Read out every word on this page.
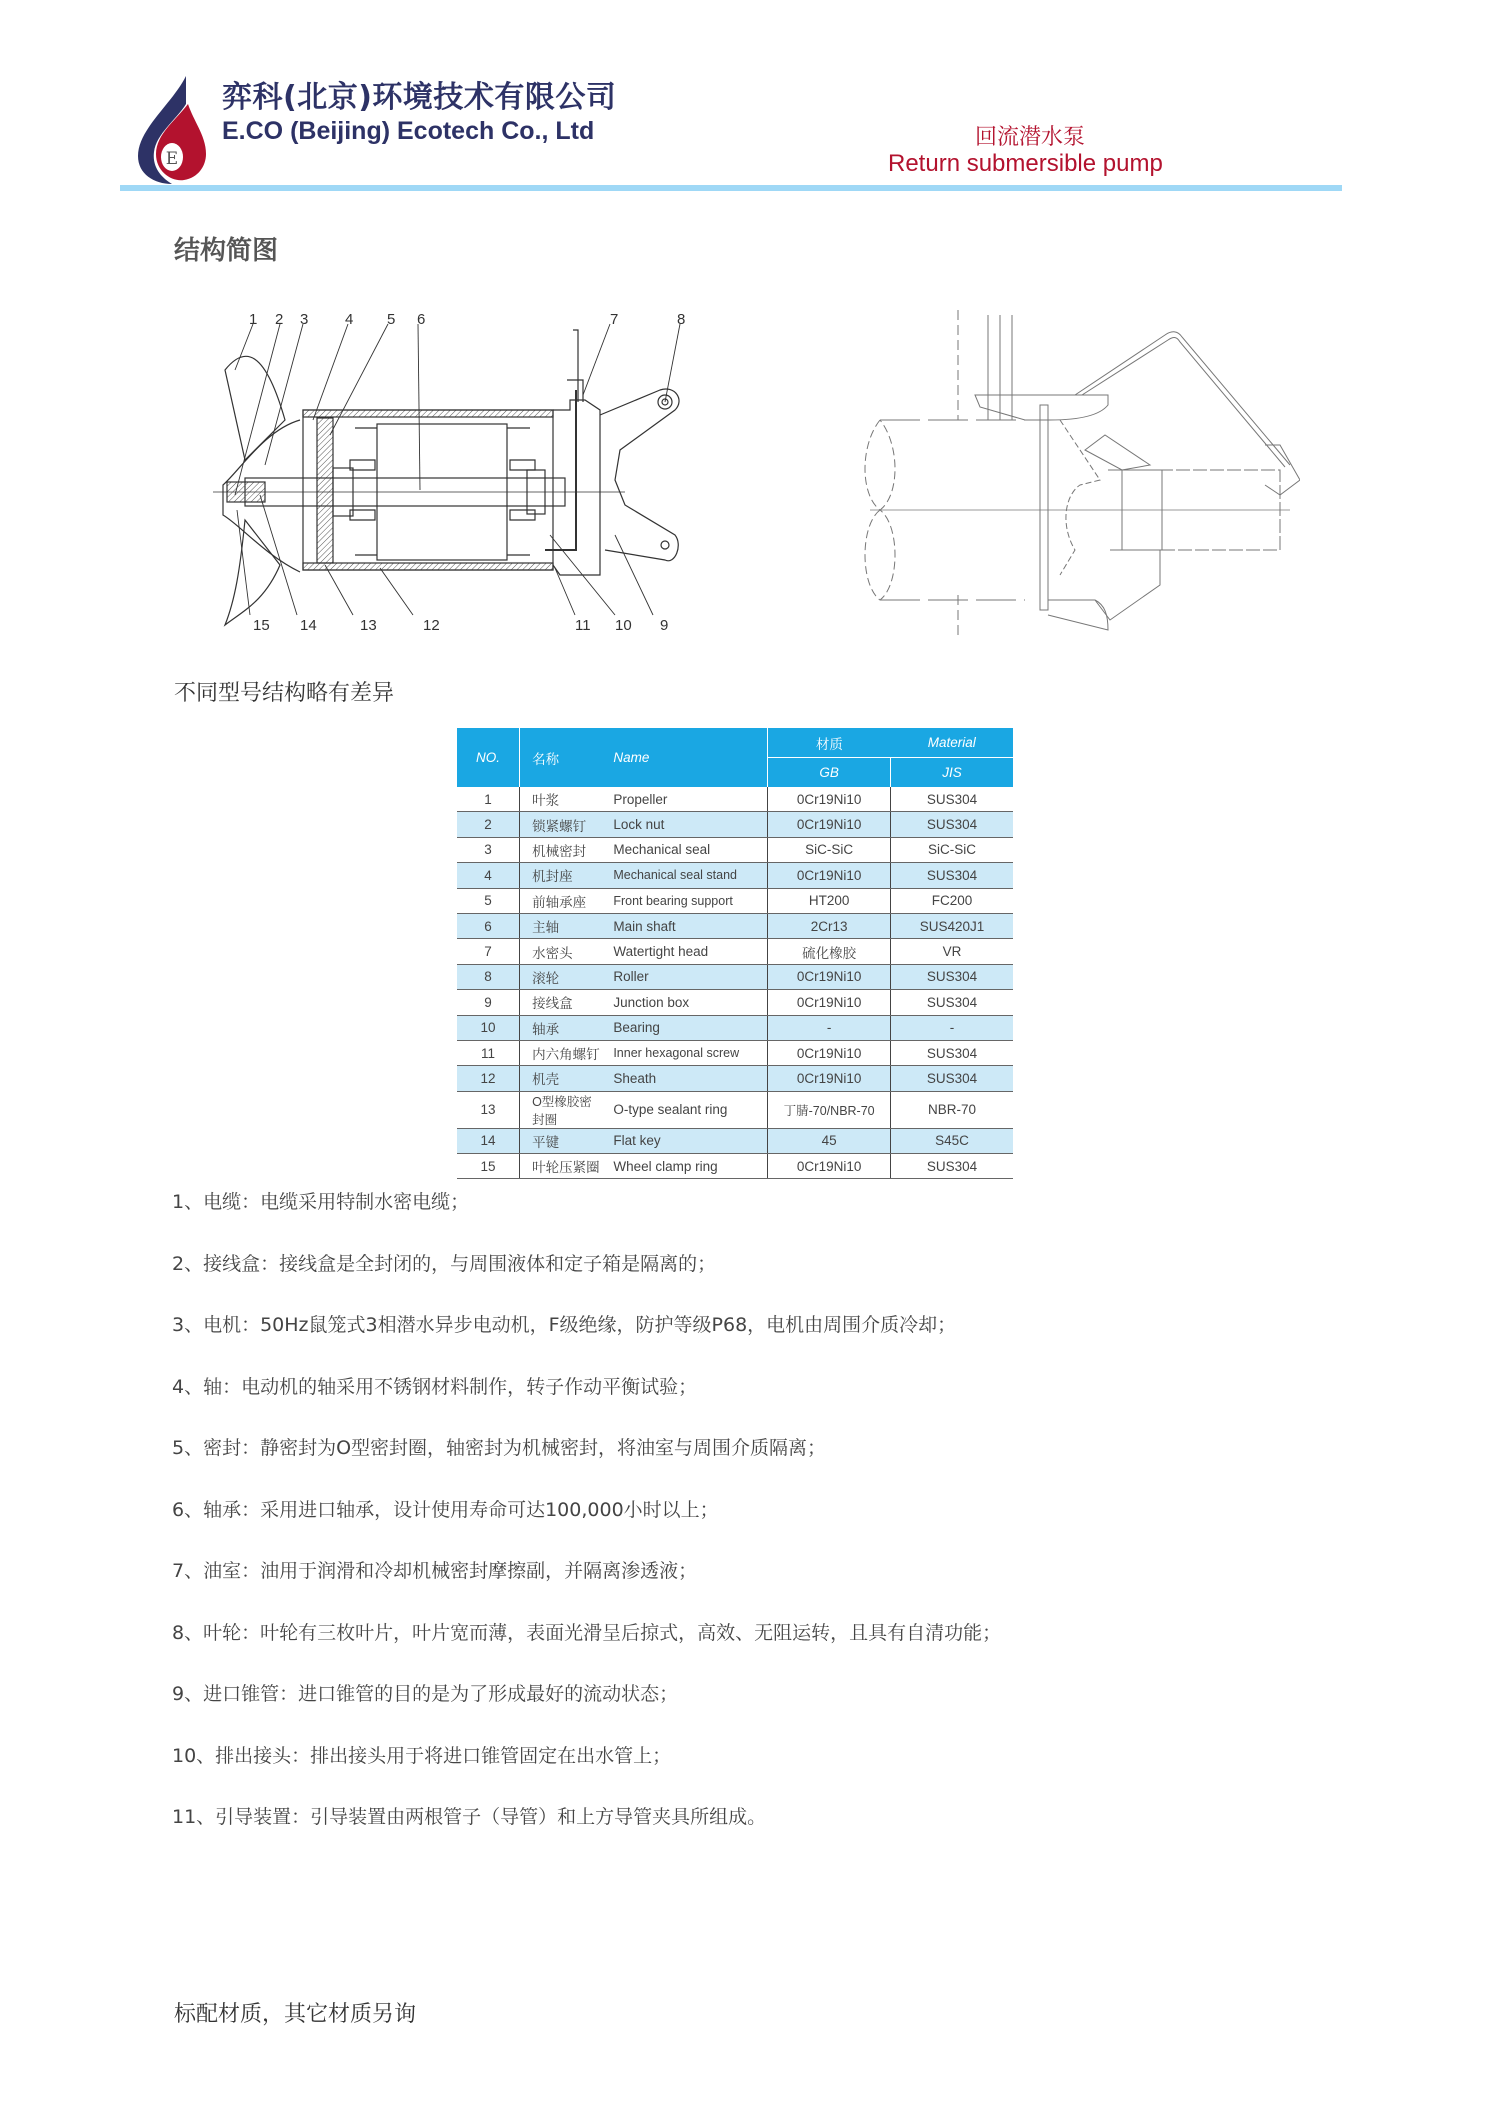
E
弈科(北京)环境技术有限公司
E.CO (Beijing) Ecotech Co., Ltd	回流潜水泵
Return submersible pump
结构简图
1 2 3 4 5 6	7	8
15 14	13	12	11 10 9
不同型号结构略有差异
NO.	名称	Name	材质	Material
			GB	JIS
1	叶浆	Propeller	0Cr19Ni10	SUS304
2	锁紧螺钉	Lock nut	0Cr19Ni10	SUS304
3	机械密封	Mechanical seal	SiC-SiC	SiC-SiC
4	机封座	Mechanical seal stand	0Cr19Ni10	SUS304
5	前轴承座	Front bearing support	HT200	FC200
6	主轴	Main shaft	2Cr13	SUS420J1
7	水密头	Watertight head	硫化橡胶	VR
8	滚轮	Roller	0Cr19Ni10	SUS304
9	接线盒	Junction box	0Cr19Ni10	SUS304
10	轴承	Bearing	-	-
11	内六角螺钉	Inner hexagonal screw	0Cr19Ni10	SUS304
12	机壳	Sheath	0Cr19Ni10	SUS304
13	O型橡胶密封圈	O-type sealant ring	丁腈-70/NBR-70	NBR-70
14	平键	Flat key	45	S45C
15	叶轮压紧圈	Wheel clamp ring	0Cr19Ni10	SUS304
1、电缆：电缆采用特制水密电缆；
2、接线盒：接线盒是全封闭的，与周围液体和定子箱是隔离的；
3、电机：50Hz鼠笼式3相潜水异步电动机，F级绝缘，防护等级P68，电机由周围介质冷却；
4、轴：电动机的轴采用不锈钢材料制作，转子作动平衡试验；
5、密封：静密封为O型密封圈，轴密封为机械密封，将油室与周围介质隔离；
6、轴承：采用进口轴承，设计使用寿命可达100,000小时以上；
7、油室：油用于润滑和冷却机械密封摩擦副，并隔离渗透液；
8、叶轮：叶轮有三枚叶片，叶片宽而薄，表面光滑呈后掠式，高效、无阻运转，且具有自清功能；
9、进口锥管：进口锥管的目的是为了形成最好的流动状态；
10、排出接头：排出接头用于将进口锥管固定在出水管上；
11、引导装置：引导装置由两根管子（导管）和上方导管夹具所组成。
标配材质，其它材质另询
